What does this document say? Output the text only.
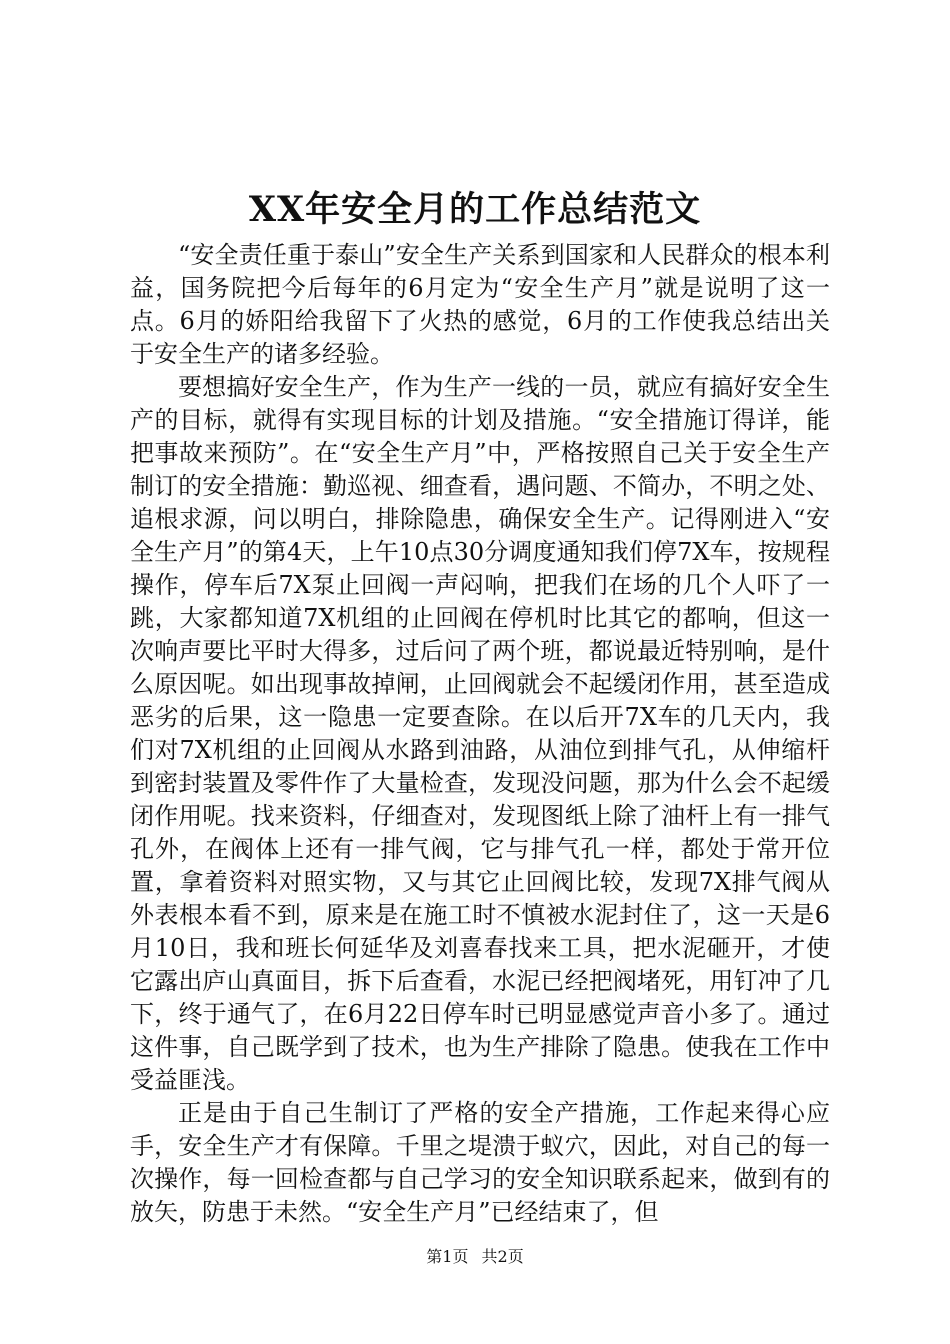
XX年安全月的工作总结范文

“安全责任重于泰山”安全生产关系到国家和人民群众的根本利益，国务院把今后每年的6月定为“安全生产月”就是说明了这一点。6月的娇阳给我留下了火热的感觉，6月的工作使我总结出关于安全生产的诸多经验。

要想搞好安全生产，作为生产一线的一员，就应有搞好安全生产的目标，就得有实现目标的计划及措施。“安全措施订得详，能把事故来预防”。在“安全生产月”中，严格按照自己关于安全生产制订的安全措施：勤巡视、细查看，遇问题、不简办，不明之处、追根求源，问以明白，排除隐患，确保安全生产。记得刚进入“安全生产月”的第4天，上午10点30分调度通知我们停7X车，按规程操作，停车后7X泵止回阀一声闷响，把我们在场的几个人吓了一跳，大家都知道7X机组的止回阀在停机时比其它的都响，但这一次响声要比平时大得多，过后问了两个班，都说最近特别响，是什么原因呢。如出现事故掉闸，止回阀就会不起缓闭作用，甚至造成恶劣的后果，这一隐患一定要查除。在以后开7X车的几天内，我们对7X机组的止回阀从水路到油路，从油位到排气孔，从伸缩杆到密封装置及零件作了大量检查，发现没问题，那为什么会不起缓闭作用呢。找来资料，仔细查对，发现图纸上除了油杆上有一排气孔外，在阀体上还有一排气阀，它与排气孔一样，都处于常开位置，拿着资料对照实物，又与其它止回阀比较，发现7X排气阀从外表根本看不到，原来是在施工时不慎被水泥封住了，这一天是6月10日，我和班长何延华及刘喜春找来工具，把水泥砸开，才使它露出庐山真面目，拆下后查看，水泥已经把阀堵死，用钉冲了几下，终于通气了，在6月22日停车时已明显感觉声音小多了。通过这件事，自己既学到了技术，也为生产排除了隐患。使我在工作中受益匪浅。

正是由于自己生制订了严格的安全产措施，工作起来得心应手，安全生产才有保障。千里之堤溃于蚁穴，因此，对自己的每一次操作，每一回检查都与自己学习的安全知识联系起来，做到有的放矢，防患于未然。“安全生产月”已经结束了，但

第1页 共2页
